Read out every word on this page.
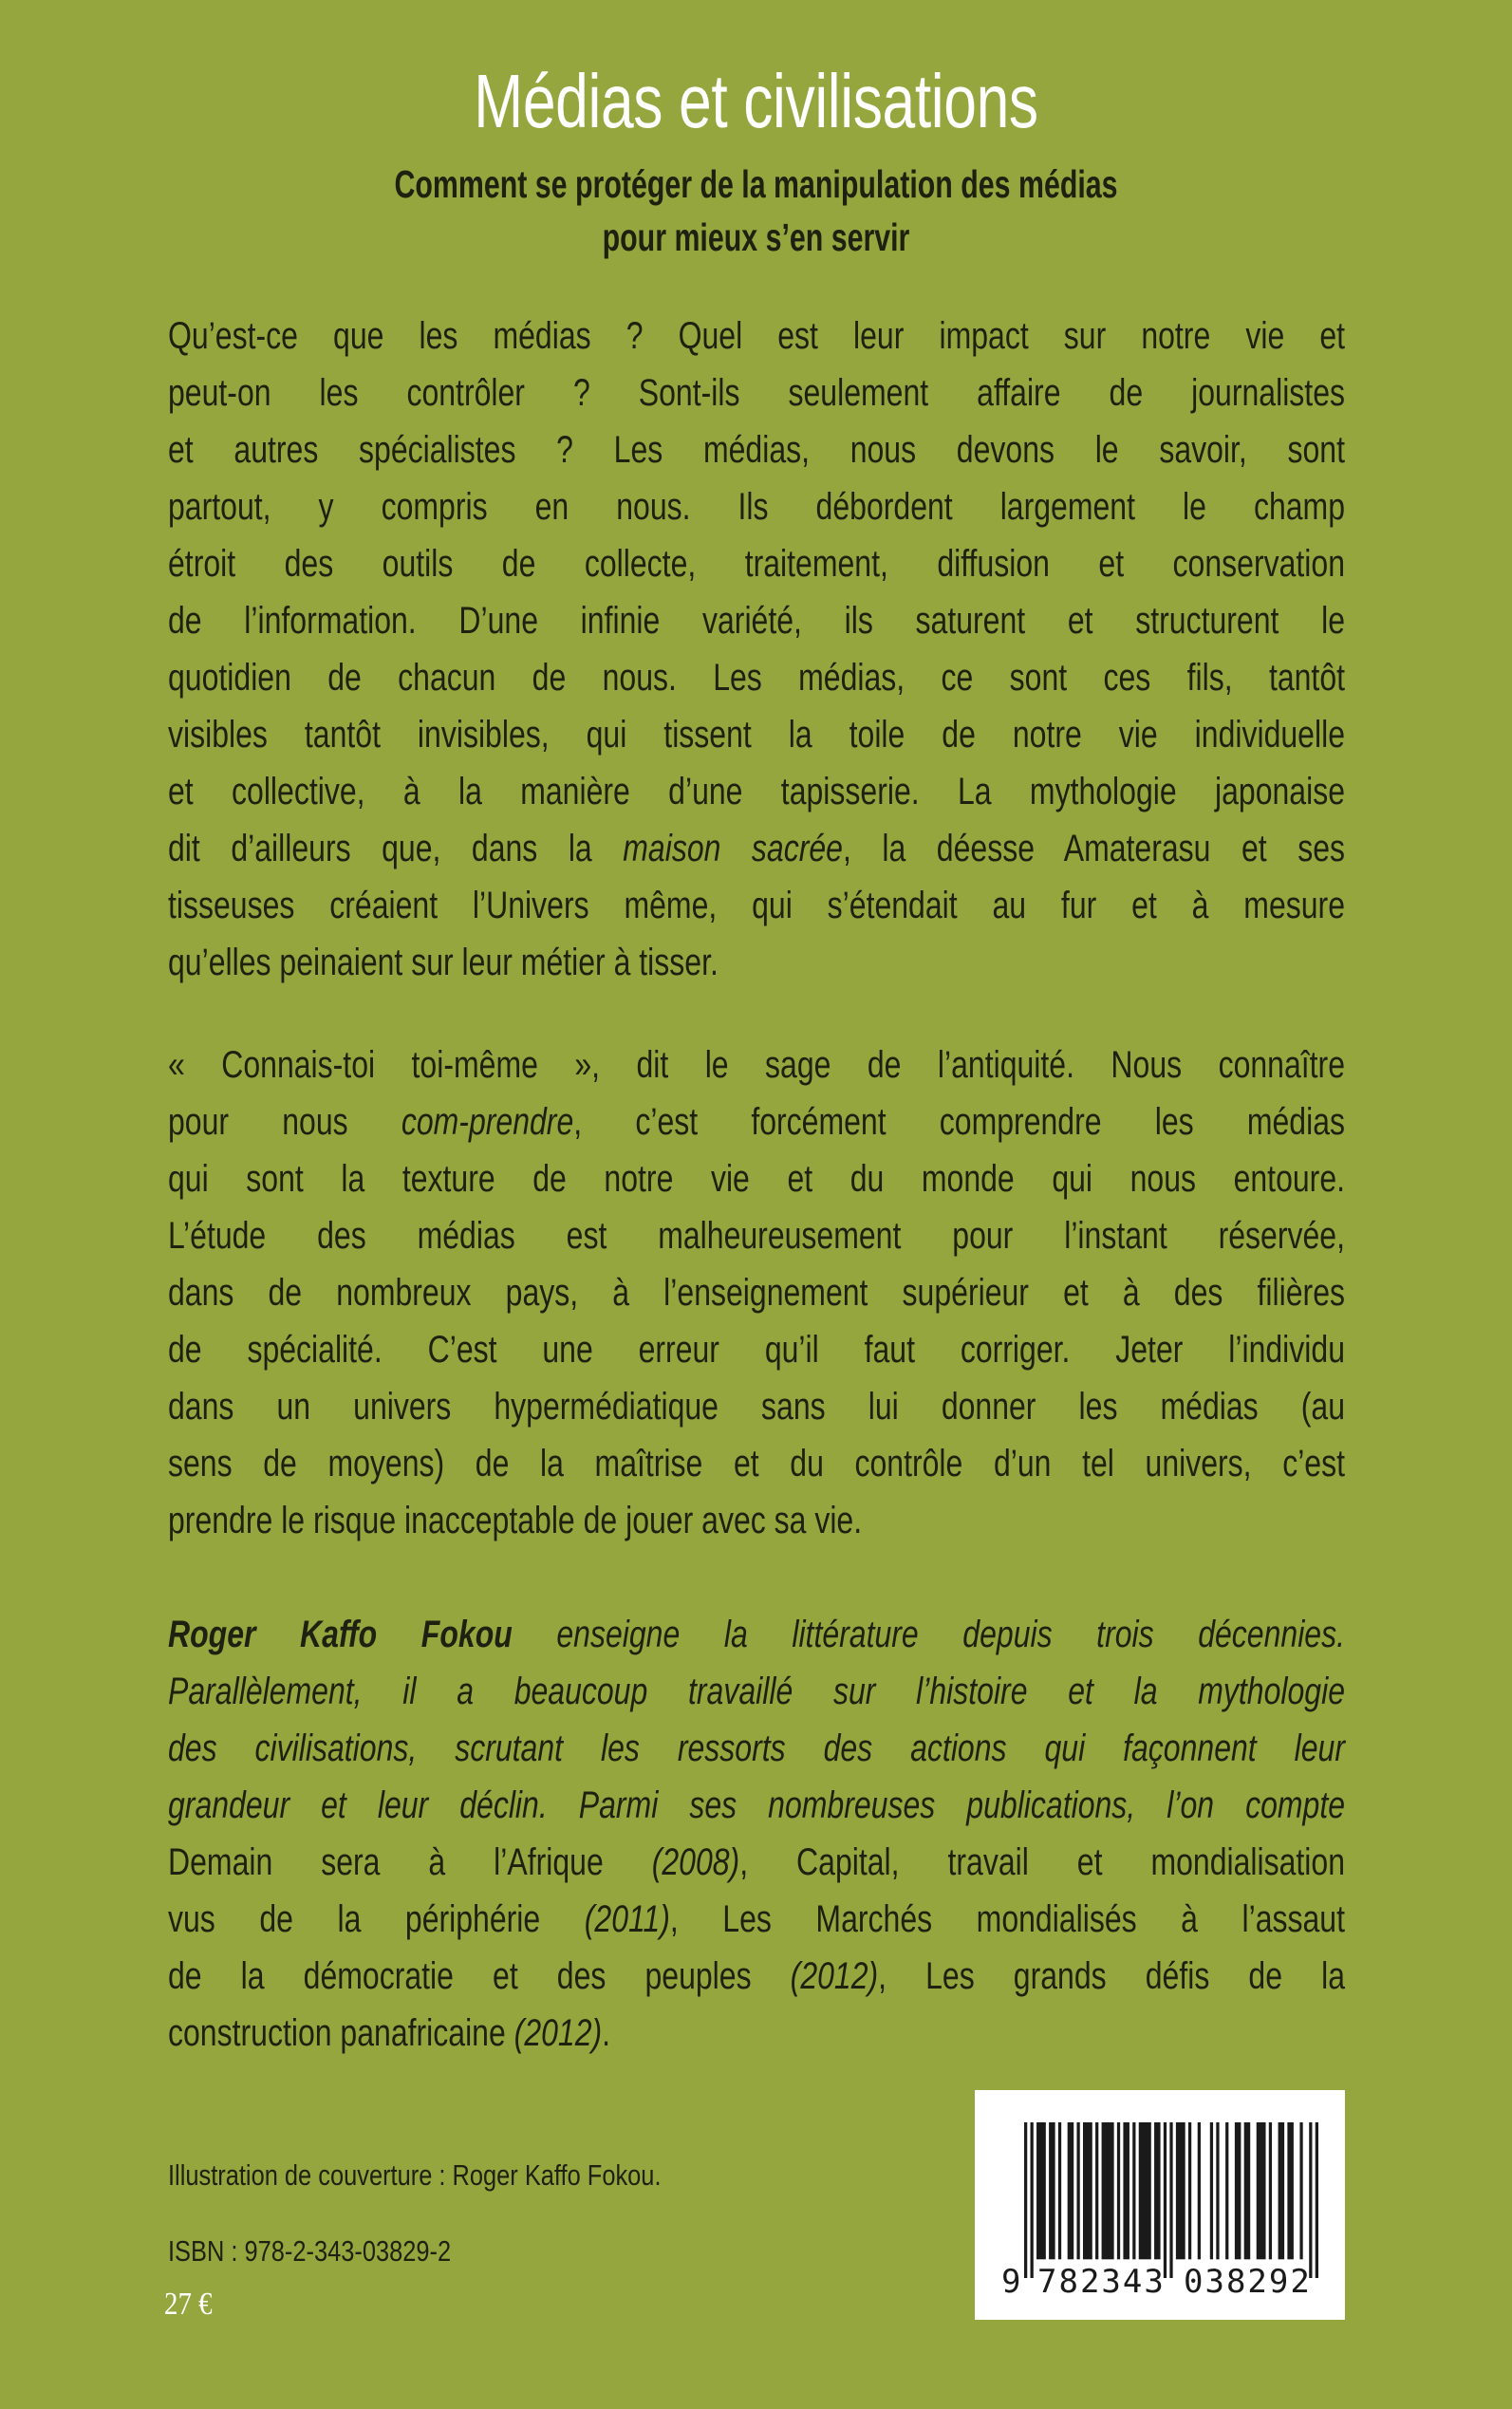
Médias et civilisations
Comment se protéger de la manipulation des médias
pour mieux s’en servir
Qu’est-ce que les médias ? Quel est leur impact sur notre vie et
peut-on les contrôler ? Sont-ils seulement affaire de journalistes
et autres spécialistes ? Les médias, nous devons le savoir, sont
partout, y compris en nous. Ils débordent largement le champ
étroit des outils de collecte, traitement, diffusion et conservation
de l’information. D’une infinie variété, ils saturent et structurent le
quotidien de chacun de nous. Les médias, ce sont ces fils, tantôt
visibles tantôt invisibles, qui tissent la toile de notre vie individuelle
et collective, à la manière d’une tapisserie. La mythologie japonaise
dit d’ailleurs que, dans la maison sacrée, la déesse Amaterasu et ses
tisseuses créaient l’Univers même, qui s’étendait au fur et à mesure
qu’elles peinaient sur leur métier à tisser.
« Connais-toi toi-même », dit le sage de l’antiquité. Nous connaître
pour nous com-prendre, c’est forcément comprendre les médias
qui sont la texture de notre vie et du monde qui nous entoure.
L’étude des médias est malheureusement pour l’instant réservée,
dans de nombreux pays, à l’enseignement supérieur et à des filières
de spécialité. C’est une erreur qu’il faut corriger. Jeter l’individu
dans un univers hypermédiatique sans lui donner les médias (au
sens de moyens) de la maîtrise et du contrôle d’un tel univers, c’est
prendre le risque inacceptable de jouer avec sa vie.
Roger Kaffo Fokou enseigne la littérature depuis trois décennies.
Parallèlement, il a beaucoup travaillé sur l’histoire et la mythologie
des civilisations, scrutant les ressorts des actions qui façonnent leur
grandeur et leur déclin. Parmi ses nombreuses publications, l’on compte
Demain sera à l’Afrique (2008), Capital, travail et mondialisation
vus de la périphérie (2011), Les Marchés mondialisés à l’assaut
de la démocratie et des peuples (2012), Les grands défis de la
construction panafricaine (2012).
Illustration de couverture : Roger Kaffo Fokou.
ISBN : 978-2-343-03829-2
27 €
9 782343 038292
